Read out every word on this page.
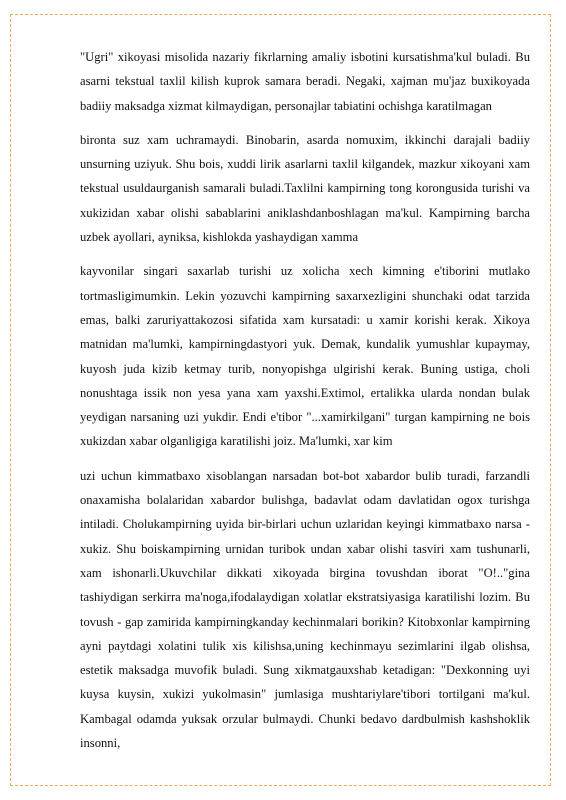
"Ugri" xikoyasi misolida nazariy fikrlarning amaliy isbotini kursatishma'kul buladi. Bu asarni tekstual taxlil kilish kuprok samara beradi. Negaki, xajman mu'jaz buxikoyada badiiy maksadga xizmat kilmaydigan, personajlar tabiatini ochishga karatilmagan

bironta suz xam uchramaydi. Binobarin, asarda nomuxim, ikkinchi darajali badiiy unsurning uziyuk. Shu bois, xuddi lirik asarlarni taxlil kilgandek, mazkur xikoyani xam tekstual usuldaurganish samarali buladi.Taxlilni kampirning tong korongusida turishi va xukizidan xabar olishi sabablarini aniklashdanboshlagan ma'kul. Kampirning barcha uzbek ayollari, ayniksa, kishlokda yashaydigan xamma

kayvonilar singari saxarlab turishi uz xolicha xech kimning e'tiborini mutlako tortmasligimumkin. Lekin yozuvchi kampirning saxarxezligini shunchaki odat tarzida emas, balki zaruriyattakozosi sifatida xam kursatadi: u xamir korishi kerak. Xikoya matnidan ma'lumki, kampirningdastyori yuk. Demak, kundalik yumushlar kupaymay, kuyosh juda kizib ketmay turib, nonyopishga ulgirishi kerak. Buning ustiga, choli nonushtaga issik non yesa yana xam yaxshi.Extimol, ertalikka ularda nondan bulak yeydigan narsaning uzi yukdir. Endi e'tibor "...xamirkilgani" turgan kampirning ne bois xukizdan xabar olganligiga karatilishi joiz. Ma'lumki, xar kim

uzi uchun kimmatbaxo xisoblangan narsadan bot-bot xabardor bulib turadi, farzandli onaxamisha bolalaridan xabardor bulishga, badavlat odam davlatidan ogox turishga intiladi. Cholukampirning uyida bir-birlari uchun uzlaridan keyingi kimmatbaxo narsa - xukiz. Shu boiskampirning urnidan turibok undan xabar olishi tasviri xam tushunarli, xam ishonarli.Ukuvchilar dikkati xikoyada birgina tovushdan iborat "O!.."gina tashiydigan serkirra ma'noga,ifodalaydigan xolatlar ekstratsiyasiga karatilishi lozim. Bu tovush - gap zamirida kampirningkanday kechinmalari borikin? Kitobxonlar kampirning ayni paytdagi xolatini tulik xis kilishsa,uning kechinmayu sezimlarini ilgab olishsa, estetik maksadga muvofik buladi. Sung xikmatgauxshab ketadigan: "Dexkonning uyi kuysa kuysin, xukizi yukolmasin" jumlasiga mushtariylare'tibori tortilgani ma'kul. Kambagal odamda yuksak orzular bulmaydi. Chunki bedavo dardbulmish kashshoklik insonni,
